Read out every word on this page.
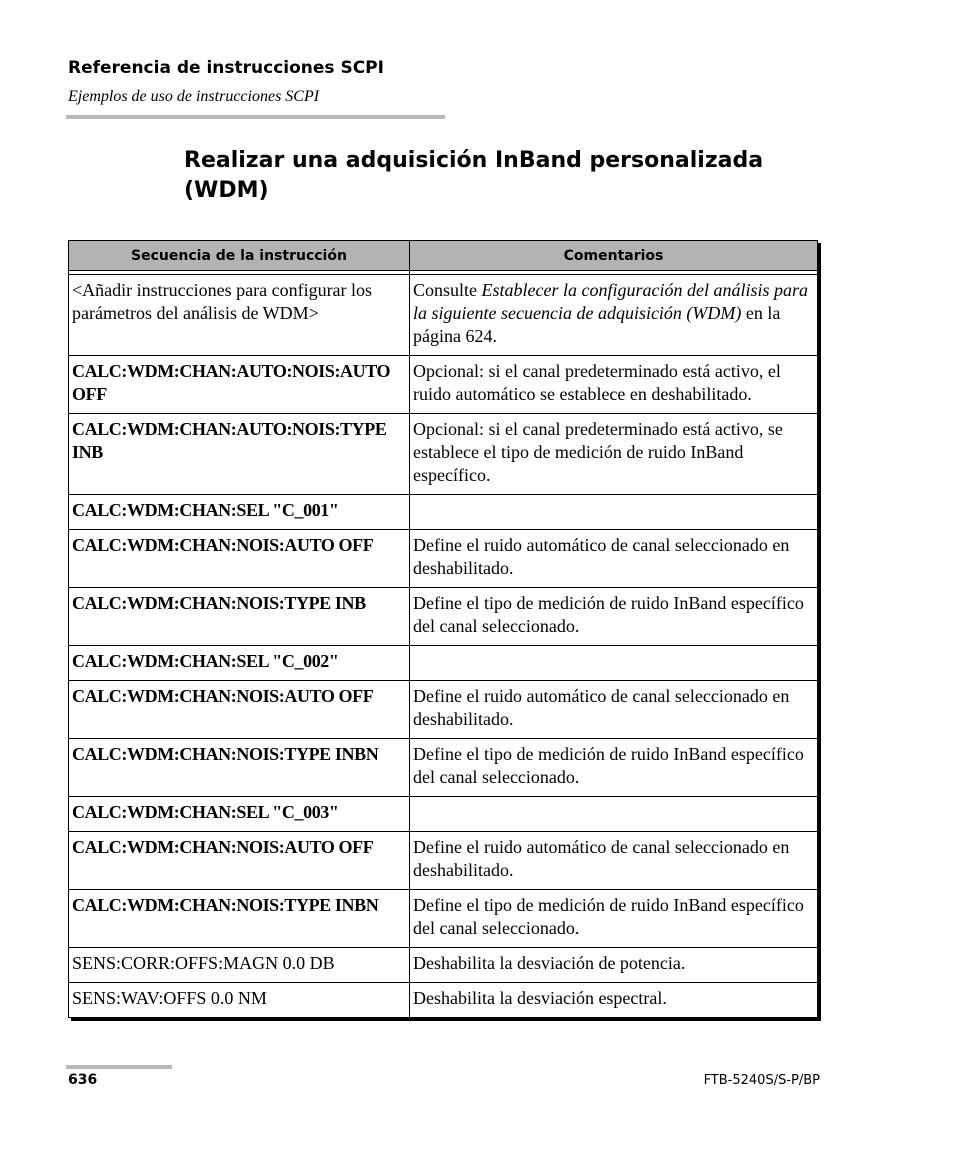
Referencia de instrucciones SCPI
Ejemplos de uso de instrucciones SCPI
Realizar una adquisición InBand personalizada
(WDM)
Secuencia de la instrucción	Comentarios

<Añadir instrucciones para configurar los parámetros del análisis de WDM>	Consulte Establecer la configuración del análisis para la siguiente secuencia de adquisición (WDM) en la página 624.
CALC:WDM:CHAN:AUTO:NOIS:AUTO OFF	Opcional: si el canal predeterminado está activo, el ruido automático se establece en deshabilitado.
CALC:WDM:CHAN:AUTO:NOIS:TYPE INB	Opcional: si el canal predeterminado está activo, se establece el tipo de medición de ruido InBand específico.
CALC:WDM:CHAN:SEL "C_001"	
CALC:WDM:CHAN:NOIS:AUTO OFF	Define el ruido automático de canal seleccionado en deshabilitado.
CALC:WDM:CHAN:NOIS:TYPE INB	Define el tipo de medición de ruido InBand específico del canal seleccionado.
CALC:WDM:CHAN:SEL "C_002"	
CALC:WDM:CHAN:NOIS:AUTO OFF	Define el ruido automático de canal seleccionado en deshabilitado.
CALC:WDM:CHAN:NOIS:TYPE INBN	Define el tipo de medición de ruido InBand específico del canal seleccionado.
CALC:WDM:CHAN:SEL "C_003"	
CALC:WDM:CHAN:NOIS:AUTO OFF	Define el ruido automático de canal seleccionado en deshabilitado.
CALC:WDM:CHAN:NOIS:TYPE INBN	Define el tipo de medición de ruido InBand específico del canal seleccionado.
SENS:CORR:OFFS:MAGN 0.0 DB	Deshabilita la desviación de potencia.
SENS:WAV:OFFS 0.0 NM	Deshabilita la desviación espectral.
636	FTB-5240S/S-P/BP
